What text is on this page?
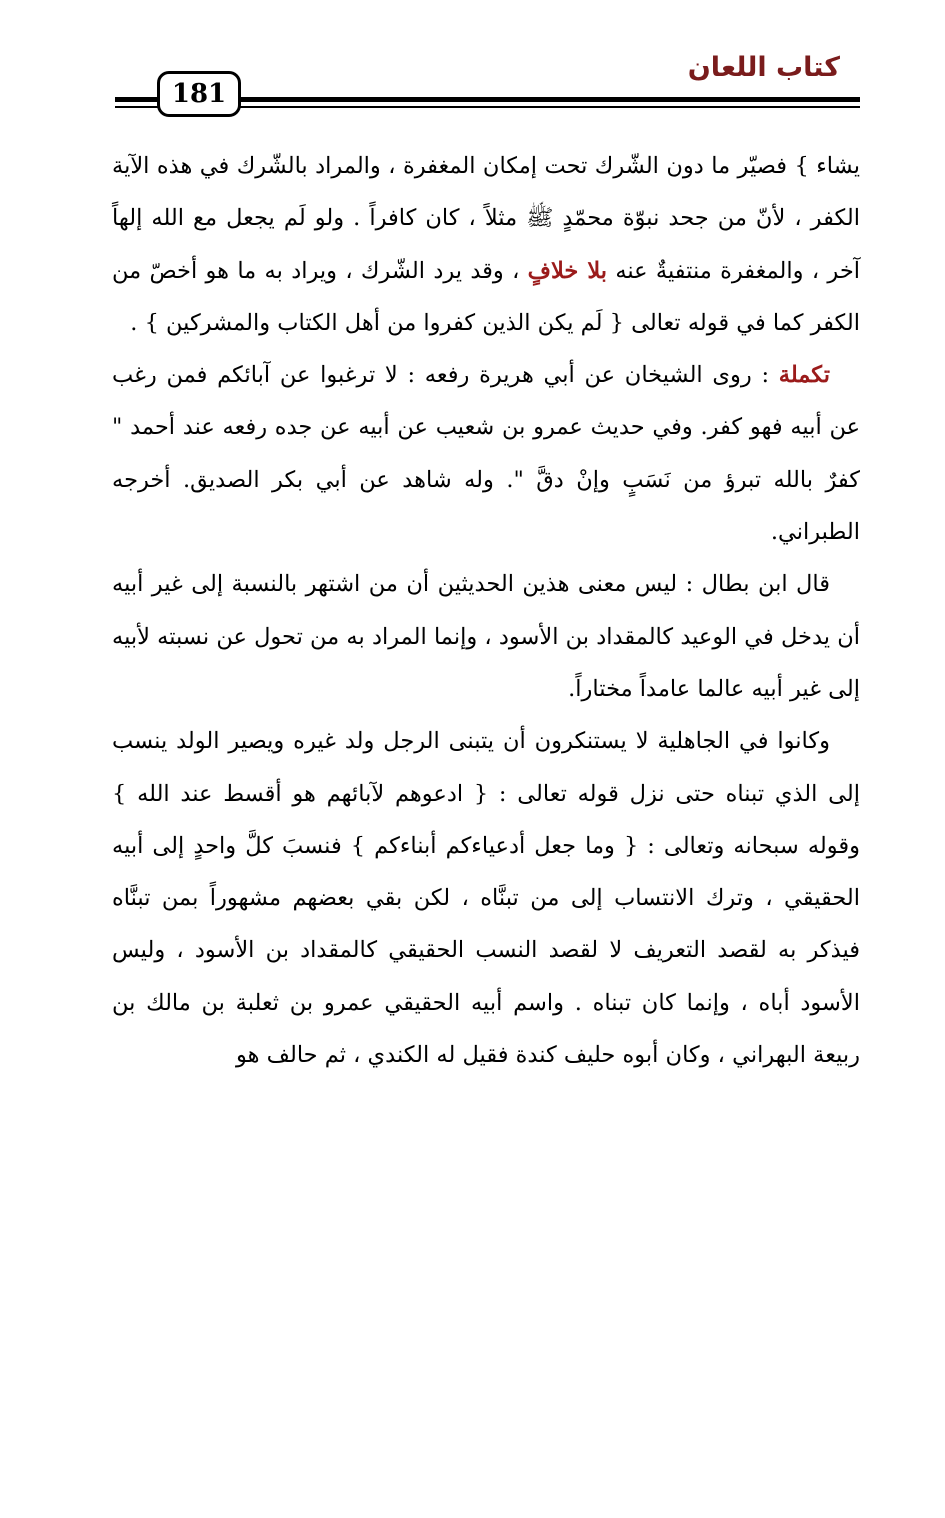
كتاب اللعان
181

يشاء } فصيّر ما دون الشّرك تحت إمكان المغفرة ، والمراد بالشّرك في هذه الآية الكفر ، لأنّ من جحد نبوّة محمّدٍ ﷺ مثلاً ، كان كافراً . ولو لَم يجعل مع الله إلهاً آخر ، والمغفرة منتفيةٌ عنه بلا خلافٍ ، وقد يرد الشّرك ، ويراد به ما هو أخصّ من الكفر كما في قوله تعالى { لَم يكن الذين كفروا من أهل الكتاب والمشركين } .

تكملة : روى الشيخان عن أبي هريرة رفعه : لا ترغبوا عن آبائكم فمن رغب عن أبيه فهو كفر. وفي حديث عمرو بن شعيب عن أبيه عن جده رفعه عند أحمد " كفرٌ بالله تبرؤ من نَسَبٍ وإنْ دقَّ ". وله شاهد عن أبي بكر الصديق. أخرجه الطبراني.

قال ابن بطال : ليس معنى هذين الحديثين أن من اشتهر بالنسبة إلى غير أبيه أن يدخل في الوعيد كالمقداد بن الأسود ، وإنما المراد به من تحول عن نسبته لأبيه إلى غير أبيه عالما عامداً مختاراً.

وكانوا في الجاهلية لا يستنكرون أن يتبنى الرجل ولد غيره ويصير الولد ينسب إلى الذي تبناه حتى نزل قوله تعالى : { ادعوهم لآبائهم هو أقسط عند الله } وقوله سبحانه وتعالى : { وما جعل أدعياءكم أبناءكم } فنسبَ كلَّ واحدٍ إلى أبيه الحقيقي ، وترك الانتساب إلى من تبنَّاه ، لكن بقي بعضهم مشهوراً بمن تبنَّاه فيذكر به لقصد التعريف لا لقصد النسب الحقيقي كالمقداد بن الأسود ، وليس الأسود أباه ، وإنما كان تبناه . واسم أبيه الحقيقي عمرو بن ثعلبة بن مالك بن ربيعة البهراني ، وكان أبوه حليف كندة فقيل له الكندي ، ثم حالف هو
